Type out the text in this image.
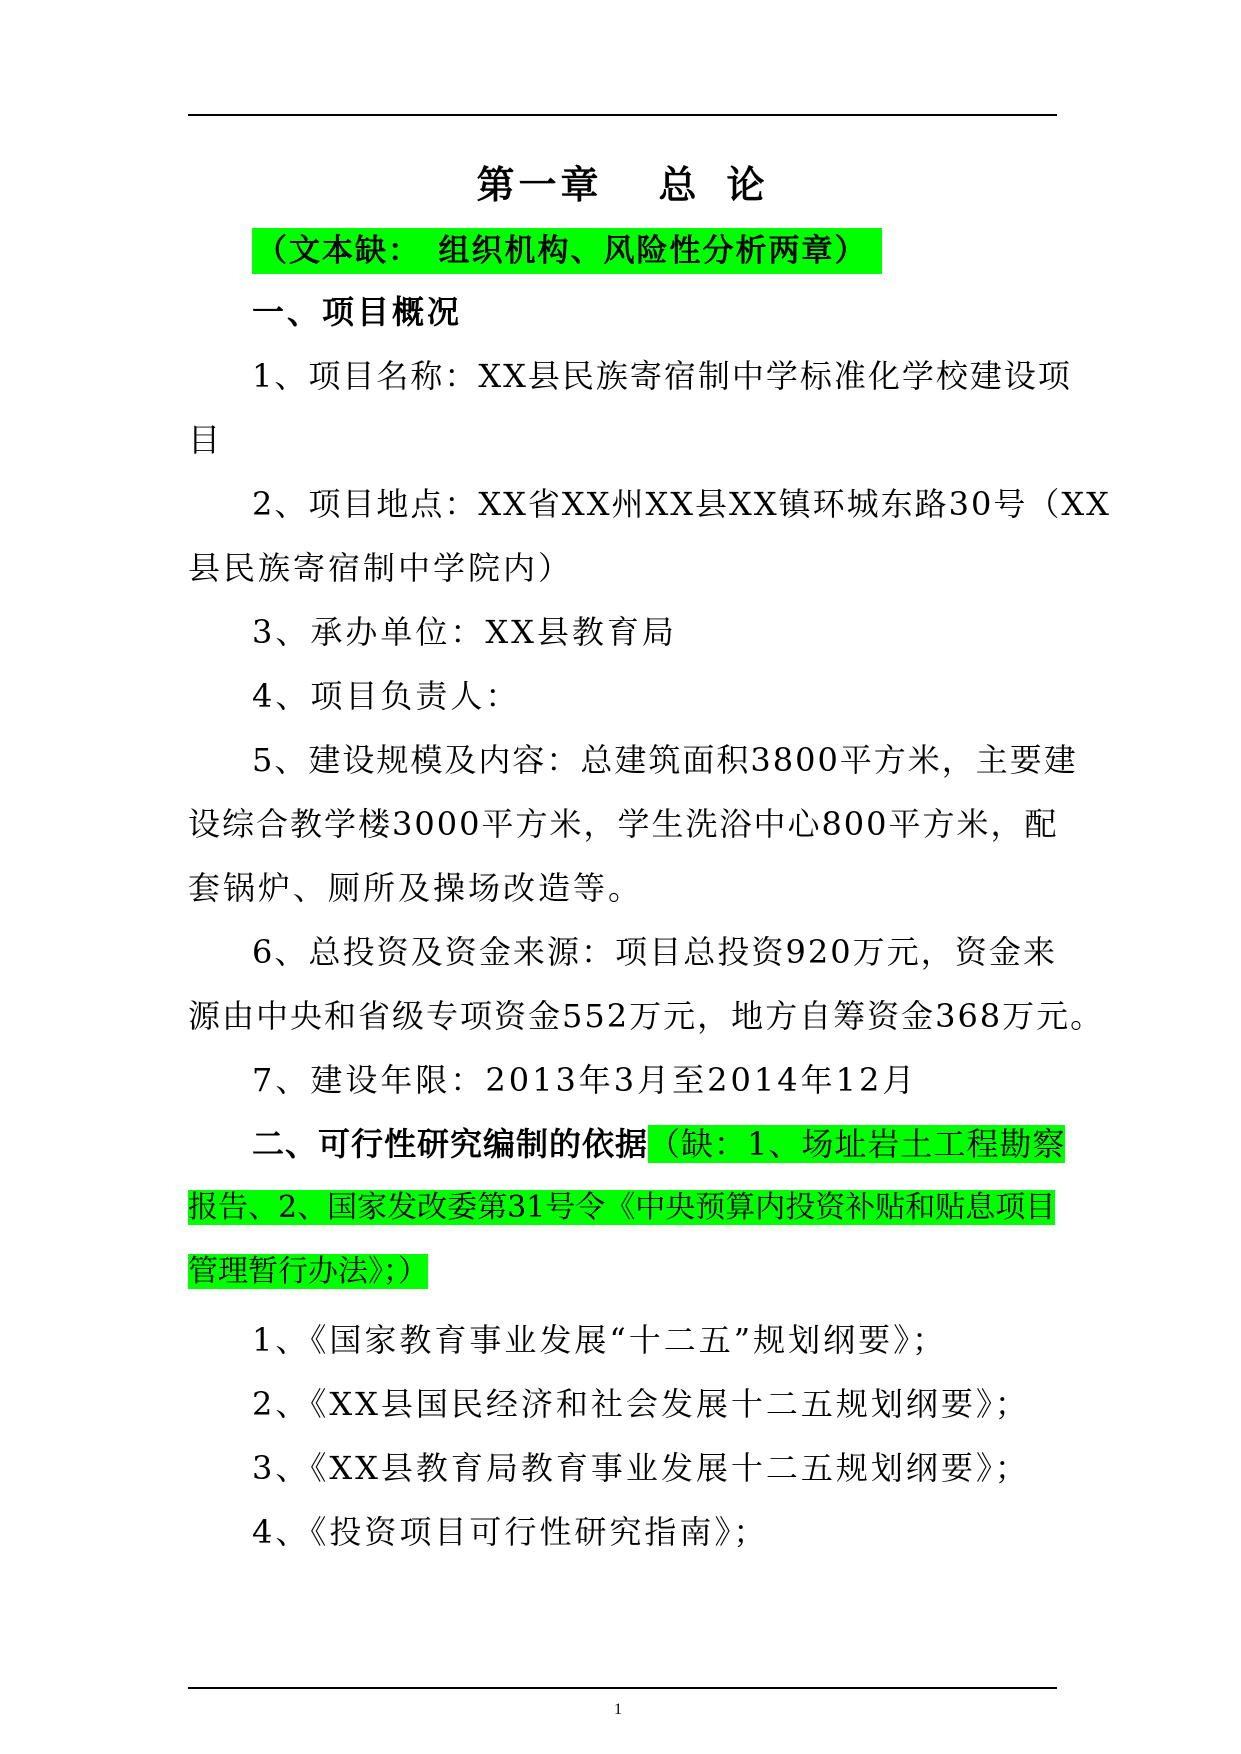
第一章 总 论
（文本缺：　组织机构、风险性分析两章）
一、项目概况
1、项目名称：XX县民族寄宿制中学标准化学校建设项
目
2、项目地点：XX省XX州XX县XX镇环城东路30号（XX
县民族寄宿制中学院内）
3、承办单位：XX县教育局
4、项目负责人：
5、建设规模及内容：总建筑面积3800平方米，主要建
设综合教学楼3000平方米，学生洗浴中心800平方米，配
套锅炉、厕所及操场改造等。
6、总投资及资金来源：项目总投资920万元，资金来
源由中央和省级专项资金552万元，地方自筹资金368万元。
7、建设年限：2013年3月至2014年12月
二、可行性研究编制的依据（缺：1、场址岩土工程勘察
报告、2、国家发改委第31号令《中央预算内投资补贴和贴息项目
管理暂行办法》；）
1、《国家教育事业发展“十二五”规划纲要》；
2、《XX县国民经济和社会发展十二五规划纲要》；
3、《XX县教育局教育事业发展十二五规划纲要》；
4、《投资项目可行性研究指南》；
1
